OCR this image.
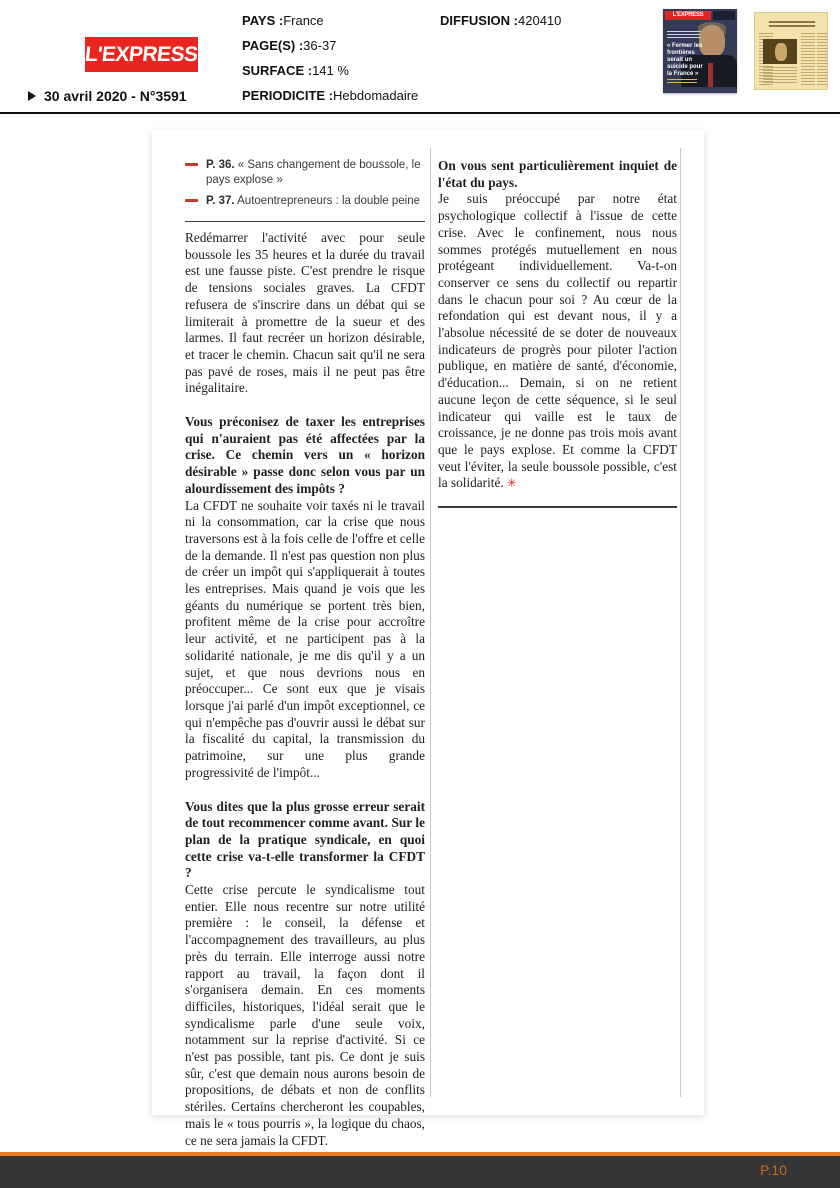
L'EXPRESS
30 avril 2020 - N°3591
PAYS :France
PAGE(S) :36-37
SURFACE :141 %
PERIODICITE :Hebdomadaire
DIFFUSION :420410	L'EXPRESS
« Fermer les frontières serait un suicide pour la France »
P. 36. « Sans changement de boussole, le pays explose »
P. 37. Autoentrepreneurs : la double peine

Redémarrer l'activité avec pour seule boussole les 35 heures et la durée du travail est une fausse piste. C'est prendre le risque de tensions sociales graves. La CFDT refusera de s'inscrire dans un débat qui se limiterait à promettre de la sueur et des larmes. Il faut recréer un horizon désirable, et tracer le chemin. Chacun sait qu'il ne sera pas pavé de roses, mais il ne peut pas être inégalitaire.

Vous préconisez de taxer les entreprises qui n'auraient pas été affectées par la crise. Ce chemin vers un « horizon désirable » passe donc selon vous par un alourdissement des impôts ?

La CFDT ne souhaite voir taxés ni le travail ni la consommation, car la crise que nous traversons est à la fois celle de l'offre et celle de la demande. Il n'est pas question non plus de créer un impôt qui s'appliquerait à toutes les entreprises. Mais quand je vois que les géants du numérique se portent très bien, profitent même de la crise pour accroître leur activité, et ne participent pas à la solidarité nationale, je me dis qu'il y a un sujet, et que nous devrions nous en préoccuper... Ce sont eux que je visais lorsque j'ai parlé d'un impôt exceptionnel, ce qui n'empêche pas d'ouvrir aussi le débat sur la fiscalité du capital, la transmission du patrimoine, sur une plus grande progressivité de l'impôt...

Vous dites que la plus grosse erreur serait de tout recommencer comme avant. Sur le plan de la pratique syndicale, en quoi cette crise va-t-elle transformer la CFDT ?

Cette crise percute le syndicalisme tout entier. Elle nous recentre sur notre utilité première : le conseil, la défense et l'accompagnement des travailleurs, au plus près du terrain. Elle interroge aussi notre rapport au travail, la façon dont il s'organisera demain. En ces moments difficiles, historiques, l'idéal serait que le syndicalisme parle d'une seule voix, notamment sur la reprise d'activité. Si ce n'est pas possible, tant pis. Ce dont je suis sûr, c'est que demain nous aurons besoin de propositions, de débats et non de conflits stériles. Certains chercheront les coupables, mais le « tous pourris », la logique du chaos, ce ne sera jamais la CFDT.

On vous sent particulièrement inquiet de l'état du pays.

Je suis préoccupé par notre état psychologique collectif à l'issue de cette crise. Avec le confinement, nous nous sommes protégés mutuellement en nous protégeant individuellement. Va-t-on conserver ce sens du collectif ou repartir dans le chacun pour soi ? Au cœur de la refondation qui est devant nous, il y a l'absolue nécessité de se doter de nouveaux indicateurs de progrès pour piloter l'action publique, en matière de santé, d'économie, d'éducation... Demain, si on ne retient aucune leçon de cette séquence, si le seul indicateur qui vaille est le taux de croissance, je ne donne pas trois mois avant que le pays explose. Et comme la CFDT veut l'éviter, la seule boussole possible, c'est la solidarité. ✳

P.10
